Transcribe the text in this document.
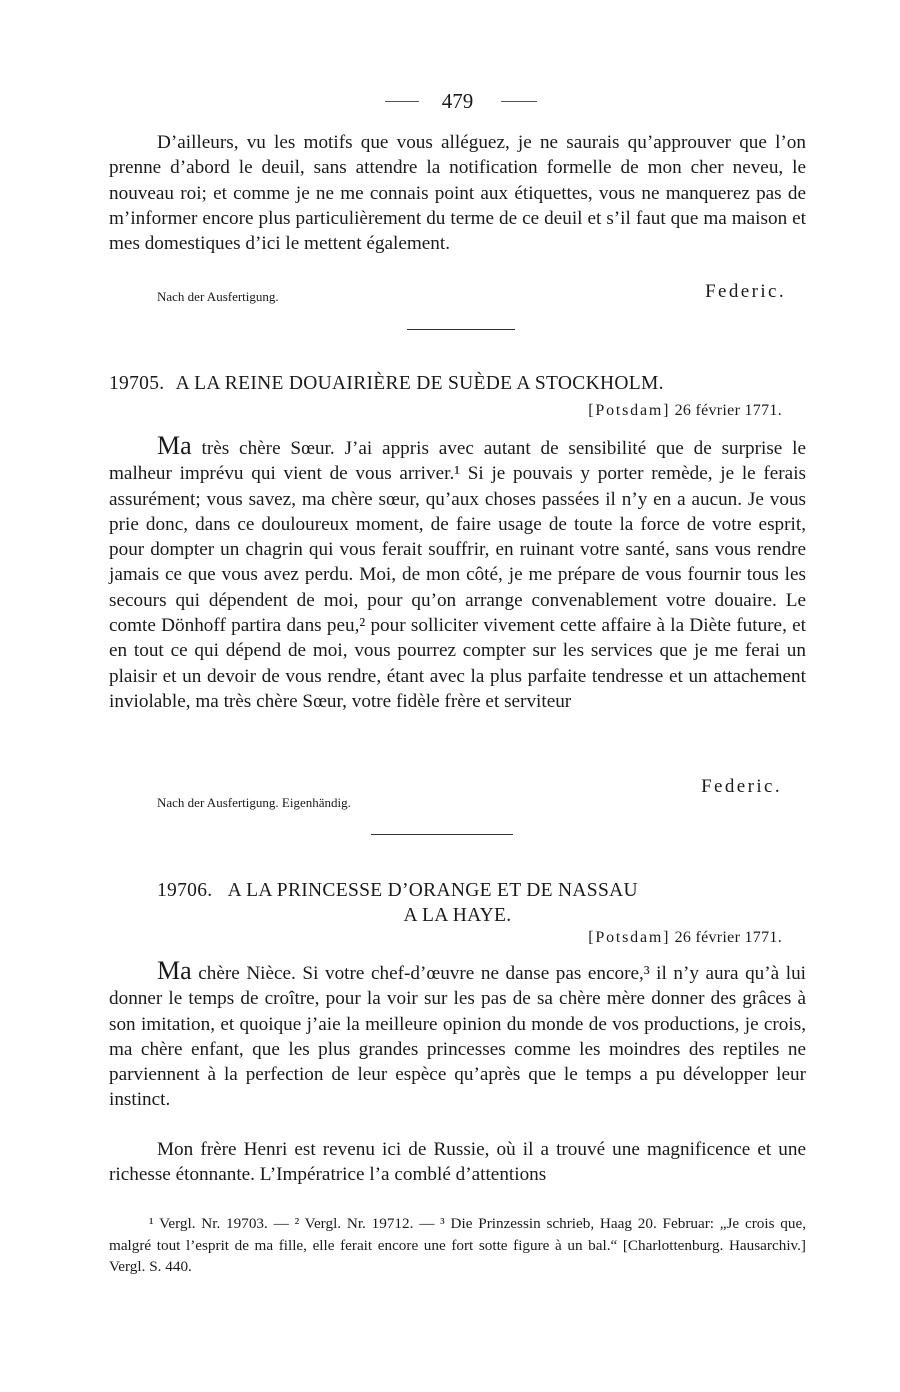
479

D’ailleurs, vu les motifs que vous alléguez, je ne saurais qu’approuver que l’on prenne d’abord le deuil, sans attendre la notification formelle de mon cher neveu, le nouveau roi; et comme je ne me connais point aux étiquettes, vous ne manquerez pas de m’informer encore plus particulièrement du terme de ce deuil et s’il faut que ma maison et mes domestiques d’ici le mettent également.

Nach der Ausfertigung.	Federic.
19705. A LA REINE DOUAIRIÈRE DE SUÈDE A STOCKHOLM.
[Potsdam] 26 février 1771.

Ma très chère Sœur. J’ai appris avec autant de sensibilité que de surprise le malheur imprévu qui vient de vous arriver.¹ Si je pouvais y porter remède, je le ferais assurément; vous savez, ma chère sœur, qu’aux choses passées il n’y en a aucun. Je vous prie donc, dans ce douloureux moment, de faire usage de toute la force de votre esprit, pour dompter un chagrin qui vous ferait souffrir, en ruinant votre santé, sans vous rendre jamais ce que vous avez perdu. Moi, de mon côté, je me prépare de vous fournir tous les secours qui dépendent de moi, pour qu’on arrange convenablement votre douaire. Le comte Dönhoff partira dans peu,² pour solliciter vivement cette affaire à la Diète future, et en tout ce qui dépend de moi, vous pourrez compter sur les services que je me ferai un plaisir et un devoir de vous rendre, étant avec la plus parfaite tendresse et un attachement inviolable, ma très chère Sœur, votre fidèle frère et serviteur

Federic.
Nach der Ausfertigung. Eigenhändig.
19706. A LA PRINCESSE D’ORANGE ET DE NASSAU
A LA HAYE.
[Potsdam] 26 février 1771.

Ma chère Nièce. Si votre chef-d’œuvre ne danse pas encore,³ il n’y aura qu’à lui donner le temps de croître, pour la voir sur les pas de sa chère mère donner des grâces à son imitation, et quoique j’aie la meilleure opinion du monde de vos productions, je crois, ma chère enfant, que les plus grandes princesses comme les moindres des reptiles ne parviennent à la perfection de leur espèce qu’après que le temps a pu développer leur instinct.

Mon frère Henri est revenu ici de Russie, où il a trouvé une magnificence et une richesse étonnante. L’Impératrice l’a comblé d’attentions

¹ Vergl. Nr. 19703. — ² Vergl. Nr. 19712. — ³ Die Prinzessin schrieb, Haag 20. Februar: „Je crois que, malgré tout l’esprit de ma fille, elle ferait encore une fort sotte figure à un bal.“ [Charlottenburg. Hausarchiv.] Vergl. S. 440.
